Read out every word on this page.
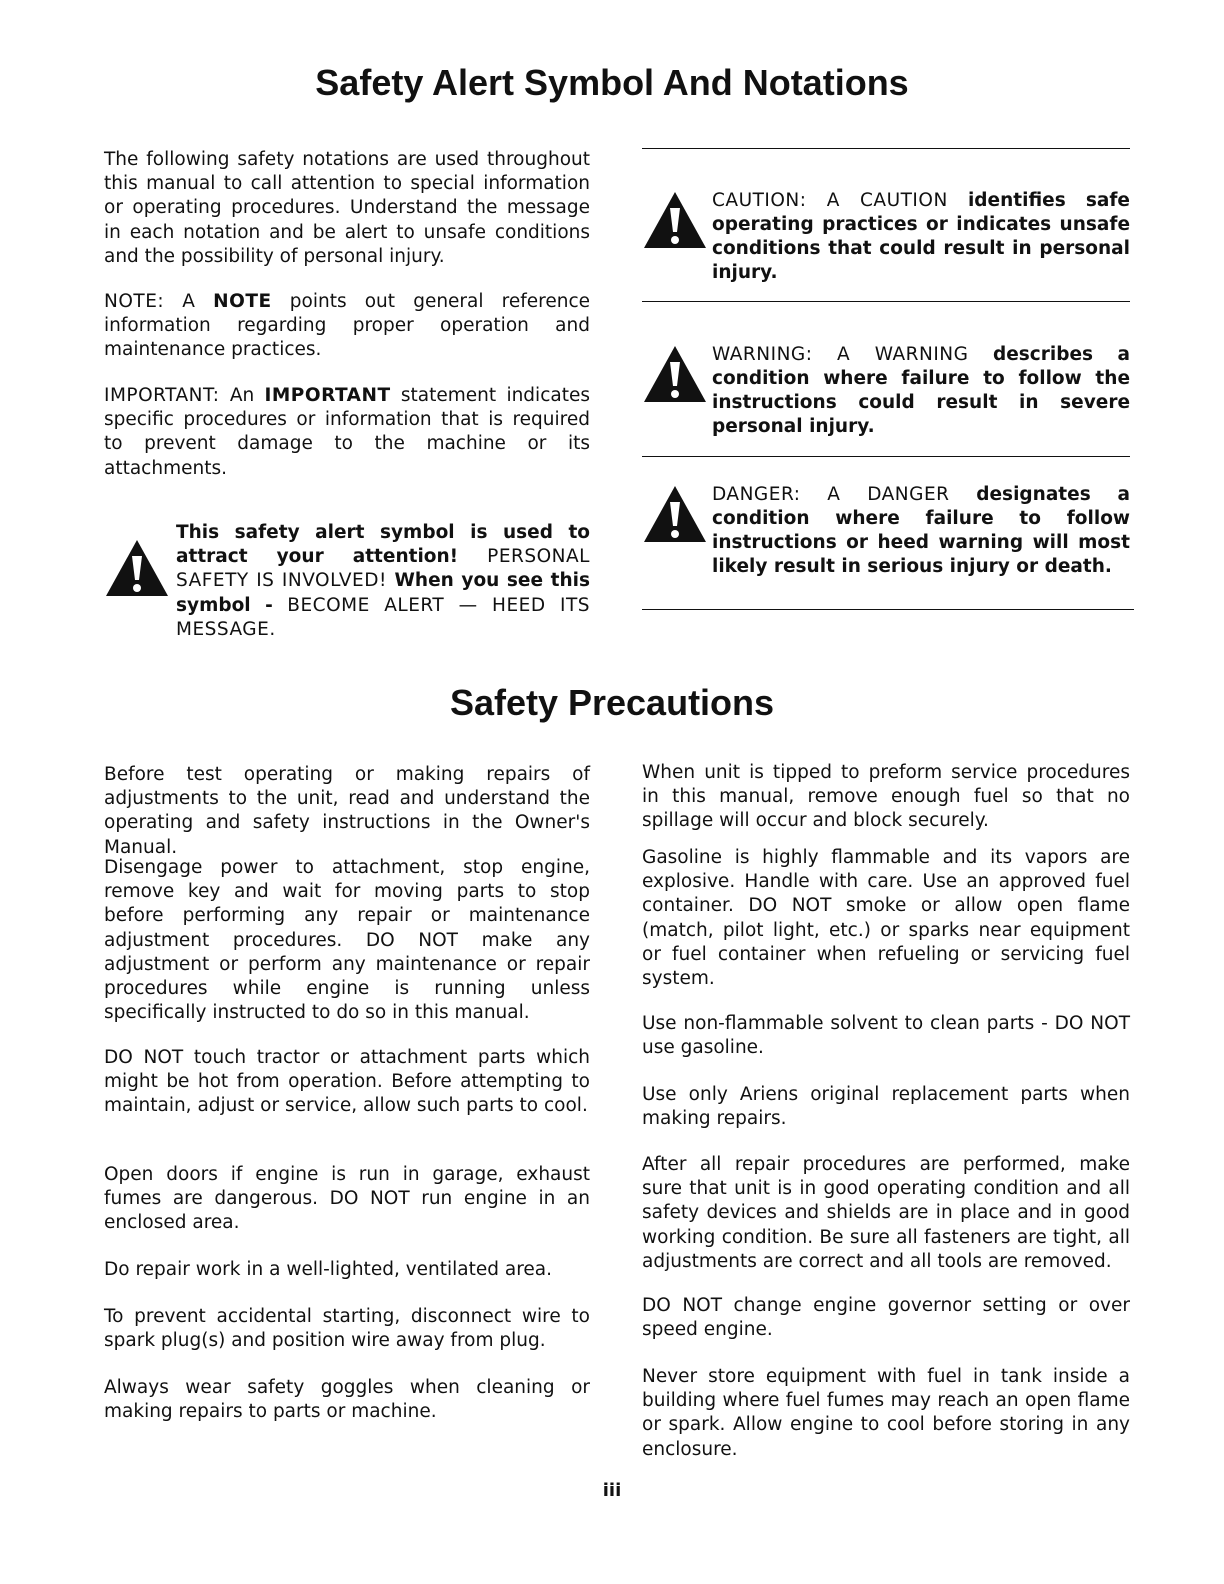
Safety Alert Symbol And Notations

The following safety notations are used throughout this manual to call attention to special information or operating procedures. Understand the message in each notation and be alert to unsafe conditions and the possibility of personal injury.

NOTE: A NOTE points out general reference information regarding proper operation and maintenance practices.

IMPORTANT: An IMPORTANT statement indicates specific procedures or information that is required to prevent damage to the machine or its attachments.

This safety alert symbol is used to attract your attention! PERSONAL SAFETY IS INVOLVED! When you see this symbol - BECOME ALERT — HEED ITS MESSAGE.

CAUTION: A CAUTION identifies safe operating practices or indicates unsafe conditions that could result in personal injury.

WARNING: A WARNING describes a condition where failure to follow the instructions could result in severe personal injury.

DANGER: A DANGER designates a condition where failure to follow instructions or heed warning will most likely result in serious injury or death.

Safety Precautions

Before test operating or making repairs of adjustments to the unit, read and understand the operating and safety instructions in the Owner's Manual.

Disengage power to attachment, stop engine, remove key and wait for moving parts to stop before performing any repair or maintenance adjustment procedures. DO NOT make any adjustment or perform any maintenance or repair procedures while engine is running unless specifically instructed to do so in this manual.

DO NOT touch tractor or attachment parts which might be hot from operation. Before attempting to maintain, adjust or service, allow such parts to cool.

Open doors if engine is run in garage, exhaust fumes are dangerous. DO NOT run engine in an enclosed area.

Do repair work in a well-lighted, ventilated area.

To prevent accidental starting, disconnect wire to spark plug(s) and position wire away from plug.

Always wear safety goggles when cleaning or making repairs to parts or machine.

When unit is tipped to preform service procedures in this manual, remove enough fuel so that no spillage will occur and block securely.

Gasoline is highly flammable and its vapors are explosive. Handle with care. Use an approved fuel container. DO NOT smoke or allow open flame (match, pilot light, etc.) or sparks near equipment or fuel container when refueling or servicing fuel system.

Use non-flammable solvent to clean parts - DO NOT use gasoline.

Use only Ariens original replacement parts when making repairs.

After all repair procedures are performed, make sure that unit is in good operating condition and all safety devices and shields are in place and in good working condition. Be sure all fasteners are tight, all adjustments are correct and all tools are removed.

DO NOT change engine governor setting or over speed engine.

Never store equipment with fuel in tank inside a building where fuel fumes may reach an open flame or spark. Allow engine to cool before storing in any enclosure.

iii
